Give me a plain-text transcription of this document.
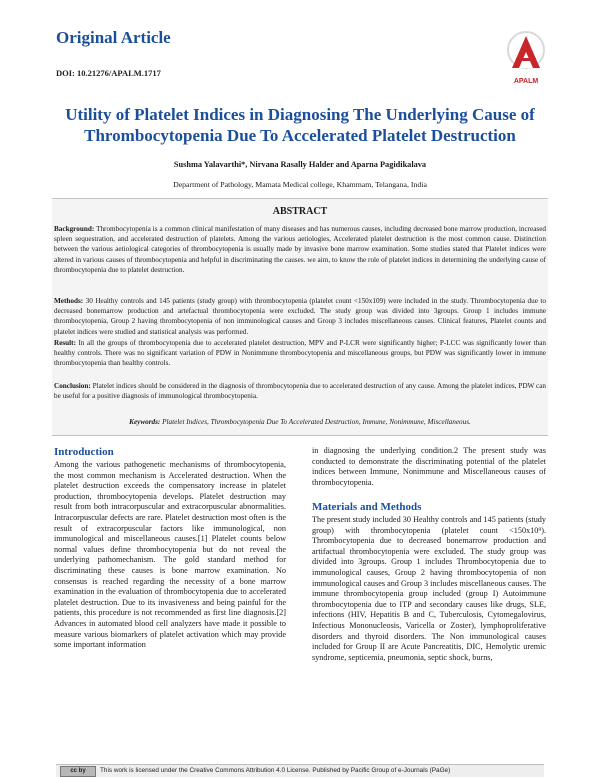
Original Article
DOI: 10.21276/APALM.1717
APALM
Utility of Platelet Indices in Diagnosing The Underlying Cause of Thrombocytopenia Due To Accelerated Platelet Destruction
Sushma Yalavarthi*, Nirvana Rasally Halder and Aparna Pagidikalava
Department of Pathology, Mamata Medical college, Khammam, Telangana, India
ABSTRACT
Background: Thrombocytopenia is a common clinical manifestation of many diseases and has numerous causes, including decreased bone marrow production, increased spleen sequestration, and accelerated destruction of platelets. Among the various aetiologies, Accelerated platelet destruction is the most common cause. Distinction between the various aetiological categories of thrombocytopenia is usually made by invasive bone marrow examination. Some studies stated that Platelet indices were altered in various causes of thrombocytopenia and helpful in discriminating the causes. we aim, to know the role of platelet indices in determining the underlying cause of thrombocytopenia due to platelet destruction.
Methods: 30 Healthy controls and 145 patients (study group) with thrombocytopenia (platelet count <150x109) were included in the study. Thrombocytopenia due to decreased bonemarrow production and artefactual thrombocytopenia were excluded. The study group was divided into 3groups. Group 1 includes immune thrombocytopenia, Group 2 having thrombocytopenia of non immunological causes and Group 3 includes miscellaneous causes. Clinical features, Platelet counts and platelet indices were studied and statistical analysis was performed.
Result: In all the groups of thrombocytopenia due to accelerated platelet destruction, MPV and P-LCR were significantly higher; P-LCC was significantly lower than healthy controls. There was no significant variation of PDW in Nonimmune thrombocytopenia and miscellaneous groups, but PDW was significantly lower in immune thrombocytopenia than healthy controls.
Conclusion: Platelet indices should be considered in the diagnosis of thrombocytopenia due to accelerated destruction of any cause. Among the platelet indices, PDW can be useful for a positive diagnosis of immunological thrombocytopenia.
Keywords: Platelet Indices, Thrombocytopenia Due To Accelerated Destruction, Immune, Nonimmune, Miscellaneous.
Introduction
Among the various pathogenetic mechanisms of thrombocytopenia, the most common mechanism is Accelerated destruction. When the platelet destruction exceeds the compensatory increase in platelet production, thrombocytopenia develops. Platelet destruction may result from both intracorpuscular and extracorpuscular abnormalities. Intracorpuscular defects are rare. Platelet destruction most often is the result of extracorpuscular factors like immunological, non immunological and miscellaneous causes.[1] Platelet counts below normal values define thrombocytopenia but do not reveal the underlying pathomechanism. The gold standard method for discriminating these causes is bone marrow examination. No consensus is reached regarding the necessity of a bone marrow examination in the evaluation of thrombocytopenia due to accelerated platelet destruction. Due to its invasiveness and being painful for the patients, this procedure is not recommended as first line diagnosis.[2] Advances in automated blood cell analyzers have made it possible to measure various biomarkers of platelet activation which may provide some important information
in diagnosing the underlying condition.2 The present study was conducted to demonstrate the discriminating potential of the platelet indices between Immune, Nonimmune and Miscellaneous causes of thrombocytopenia.
Materials and Methods
The present study included 30 Healthy controls and 145 patients (study group) with thrombocytopenia (platelet count <150x10⁹). Thrombocytopenia due to decreased bonemarrow production and artifactual thrombocytopenia were excluded. The study group was divided into 3groups. Group 1 includes Thrombocytopenia due to immunological causes, Group 2 having thrombocytopenia of non immunological causes and Group 3 includes miscellaneous causes. The immune thrombocytopenia group included (group I) Autoimmune thrombocytopenia due to ITP and secondary causes like drugs, SLE, infections (HIV, Hepatitis B and C, Tuberculosis, Cytomegalovirus, Infectious Mononucleosis, Varicella or Zoster), lymphoproliferative disorders and thyroid disorders. The Non immunological causes included for Group II are Acute Pancreatitis, DIC, Hemolytic uremic syndrome, septicemia, pneumonia, septic shock, burns,
cc by	This work is licensed under the Creative Commons Attribution 4.0 License. Published by Pacific Group of e-Journals (PaGe)
